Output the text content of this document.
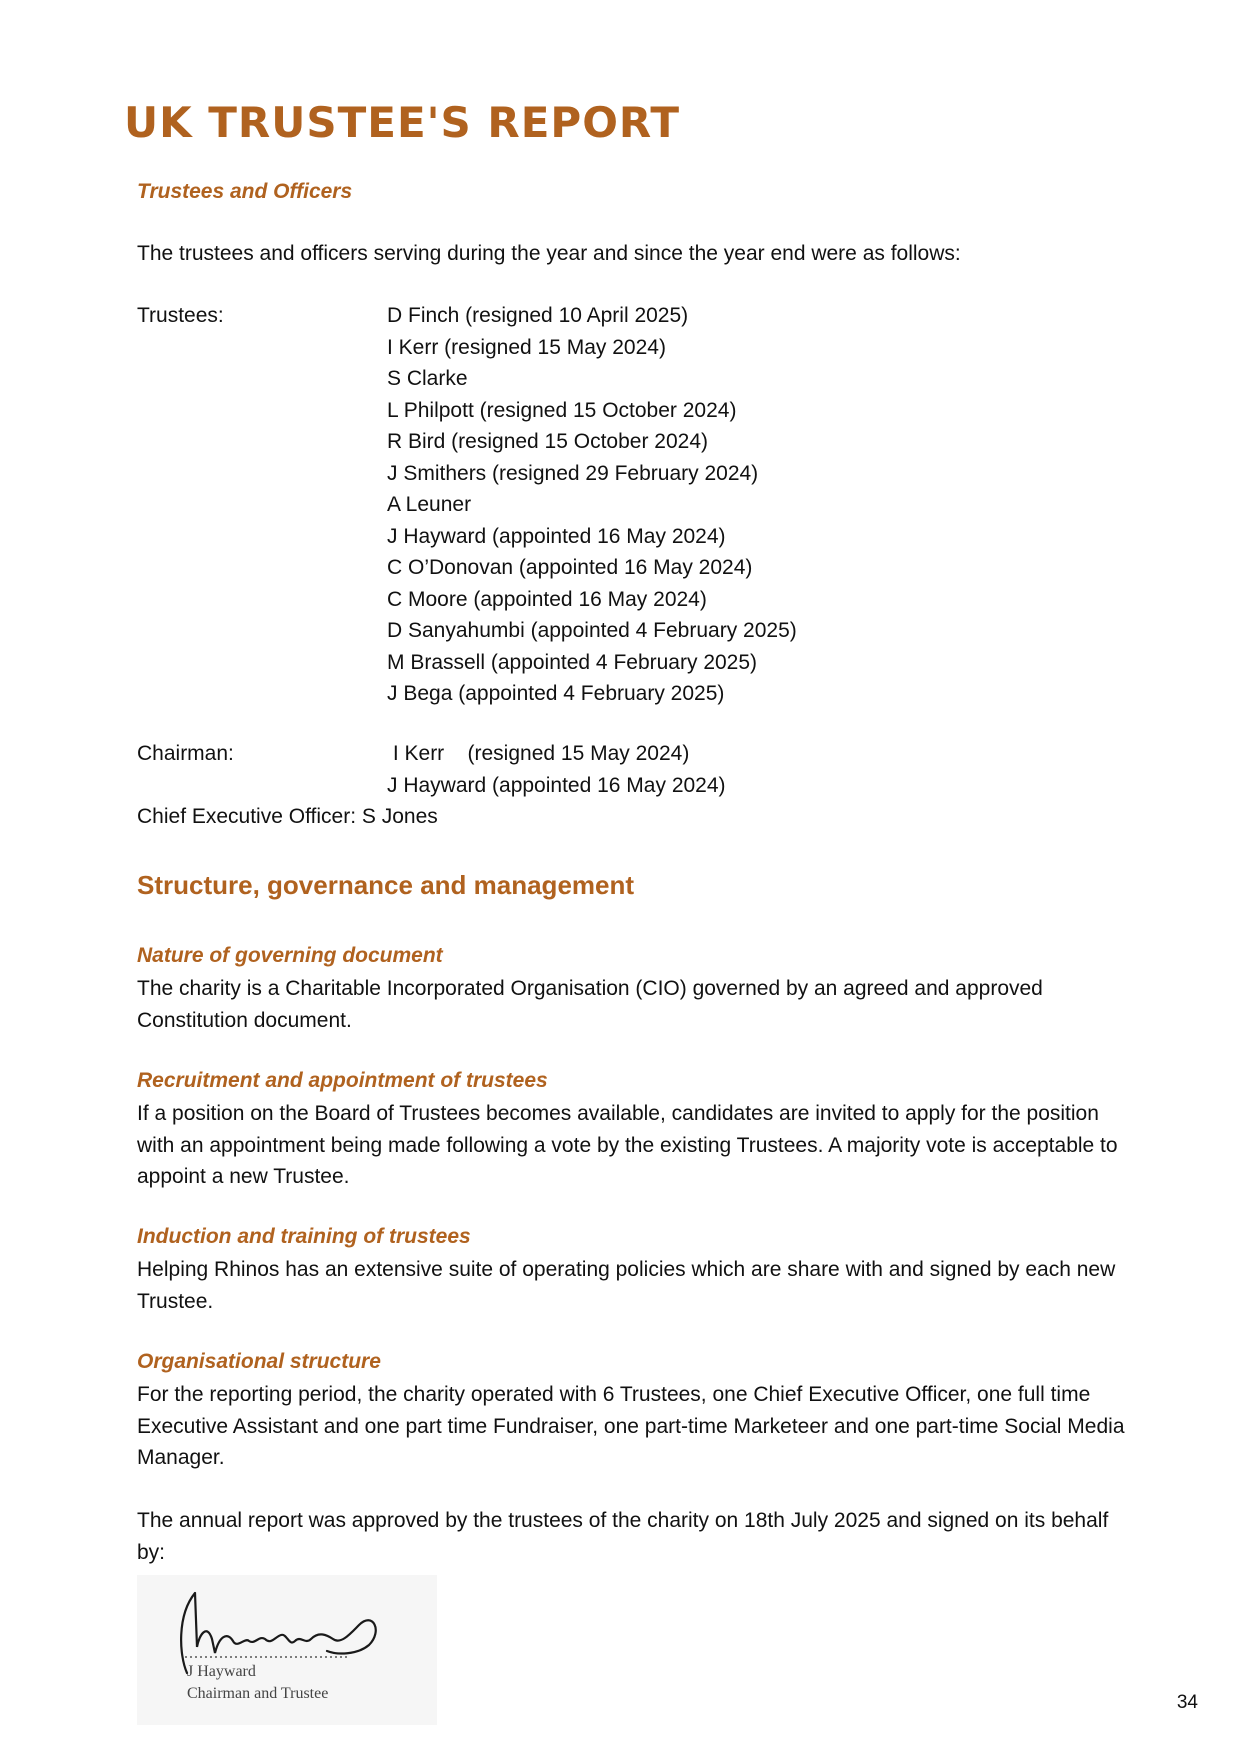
UK TRUSTEE'S REPORT
Trustees and Officers
The trustees and officers serving during the year and since the year end were as follows:
Trustees:	D Finch (resigned 10 April 2025)
I Kerr (resigned 15 May 2024)
S Clarke
L Philpott (resigned 15 October 2024)
R Bird (resigned 15 October 2024)
J Smithers (resigned 29 February 2024)
A Leuner
J Hayward (appointed 16 May 2024)
C O’Donovan (appointed 16 May 2024)
C Moore (appointed 16 May 2024)
D Sanyahumbi (appointed 4 February 2025)
M Brassell (appointed 4 February 2025)
J Bega (appointed 4 February 2025)
Chairman:	I Kerr    (resigned 15 May 2024)
J Hayward (appointed 16 May 2024)
Chief Executive Officer: S Jones
Structure, governance and management
Nature of governing document
The charity is a Charitable Incorporated Organisation (CIO) governed by an agreed and approved Constitution document.
Recruitment and appointment of trustees
If a position on the Board of Trustees becomes available, candidates are invited to apply for the position with an appointment being made following a vote by the existing Trustees. A majority vote is acceptable to appoint a new Trustee.
Induction and training of trustees
Helping Rhinos has an extensive suite of operating policies which are share with and signed by each new Trustee.
Organisational structure
For the reporting period, the charity operated with 6 Trustees, one Chief Executive Officer, one full time Executive Assistant and one part time Fundraiser, one part-time Marketeer and one part-time Social Media Manager.
The annual report was approved by the trustees of the charity on 18th July 2025 and signed on its behalf by:
J Hayward
Chairman and Trustee	34
